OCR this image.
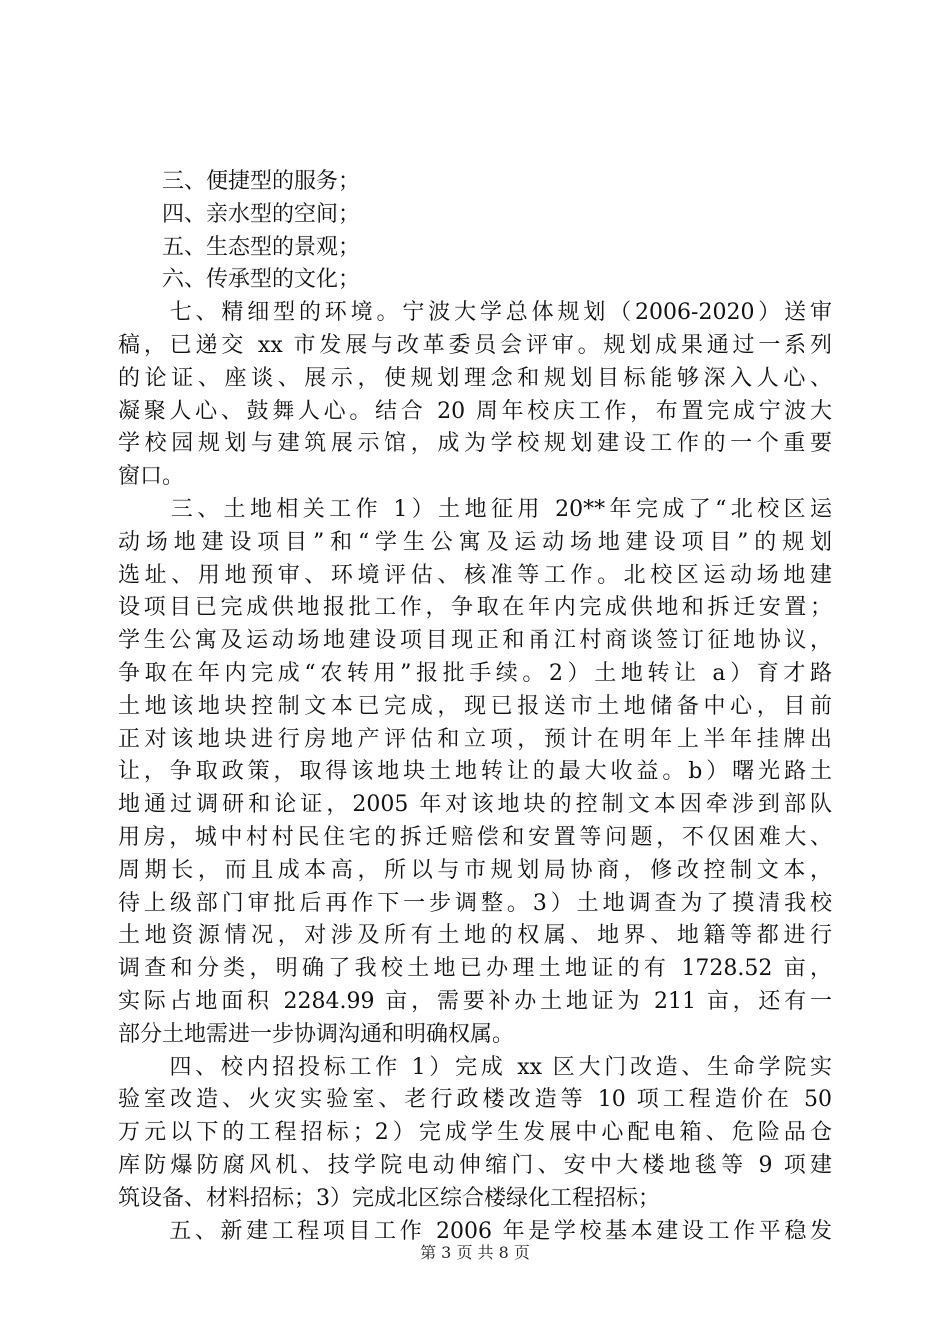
　　三、便捷型的服务；
　　四、亲水型的空间；
　　五、生态型的景观；
　　六、传承型的文化；
　　七、精细型的环境。宁波大学总体规划（2006-2020）送审
稿，已递交 xx 市发展与改革委员会评审。规划成果通过一系列
的论证、座谈、展示，使规划理念和规划目标能够深入人心、
凝聚人心、鼓舞人心。结合 20 周年校庆工作，布置完成宁波大
学校园规划与建筑展示馆，成为学校规划建设工作的一个重要
窗口。
　　三、土地相关工作 1）土地征用 20**年完成了“北校区运
动场地建设项目”和“学生公寓及运动场地建设项目”的规划
选址、用地预审、环境评估、核准等工作。北校区运动场地建
设项目已完成供地报批工作，争取在年内完成供地和拆迁安置；
学生公寓及运动场地建设项目现正和甬江村商谈签订征地协议，
争取在年内完成“农转用”报批手续。2）土地转让 a）育才路
土地该地块控制文本已完成，现已报送市土地储备中心，目前
正对该地块进行房地产评估和立项，预计在明年上半年挂牌出
让，争取政策，取得该地块土地转让的最大收益。b）曙光路土
地通过调研和论证，2005 年对该地块的控制文本因牵涉到部队
用房，城中村村民住宅的拆迁赔偿和安置等问题，不仅困难大、
周期长，而且成本高，所以与市规划局协商，修改控制文本，
待上级部门审批后再作下一步调整。3）土地调查为了摸清我校
土地资源情况，对涉及所有土地的权属、地界、地籍等都进行
调查和分类，明确了我校土地已办理土地证的有 1728.52 亩，
实际占地面积 2284.99 亩，需要补办土地证为 211 亩，还有一
部分土地需进一步协调沟通和明确权属。
　　四、校内招投标工作 1）完成 xx 区大门改造、生命学院实
验室改造、火灾实验室、老行政楼改造等 10 项工程造价在 50
万元以下的工程招标；2）完成学生发展中心配电箱、危险品仓
库防爆防腐风机、技学院电动伸缩门、安中大楼地毯等 9 项建
筑设备、材料招标；3）完成北区综合楼绿化工程招标；
　　五、新建工程项目工作 2006 年是学校基本建设工作平稳发
第 3 页 共 8 页
